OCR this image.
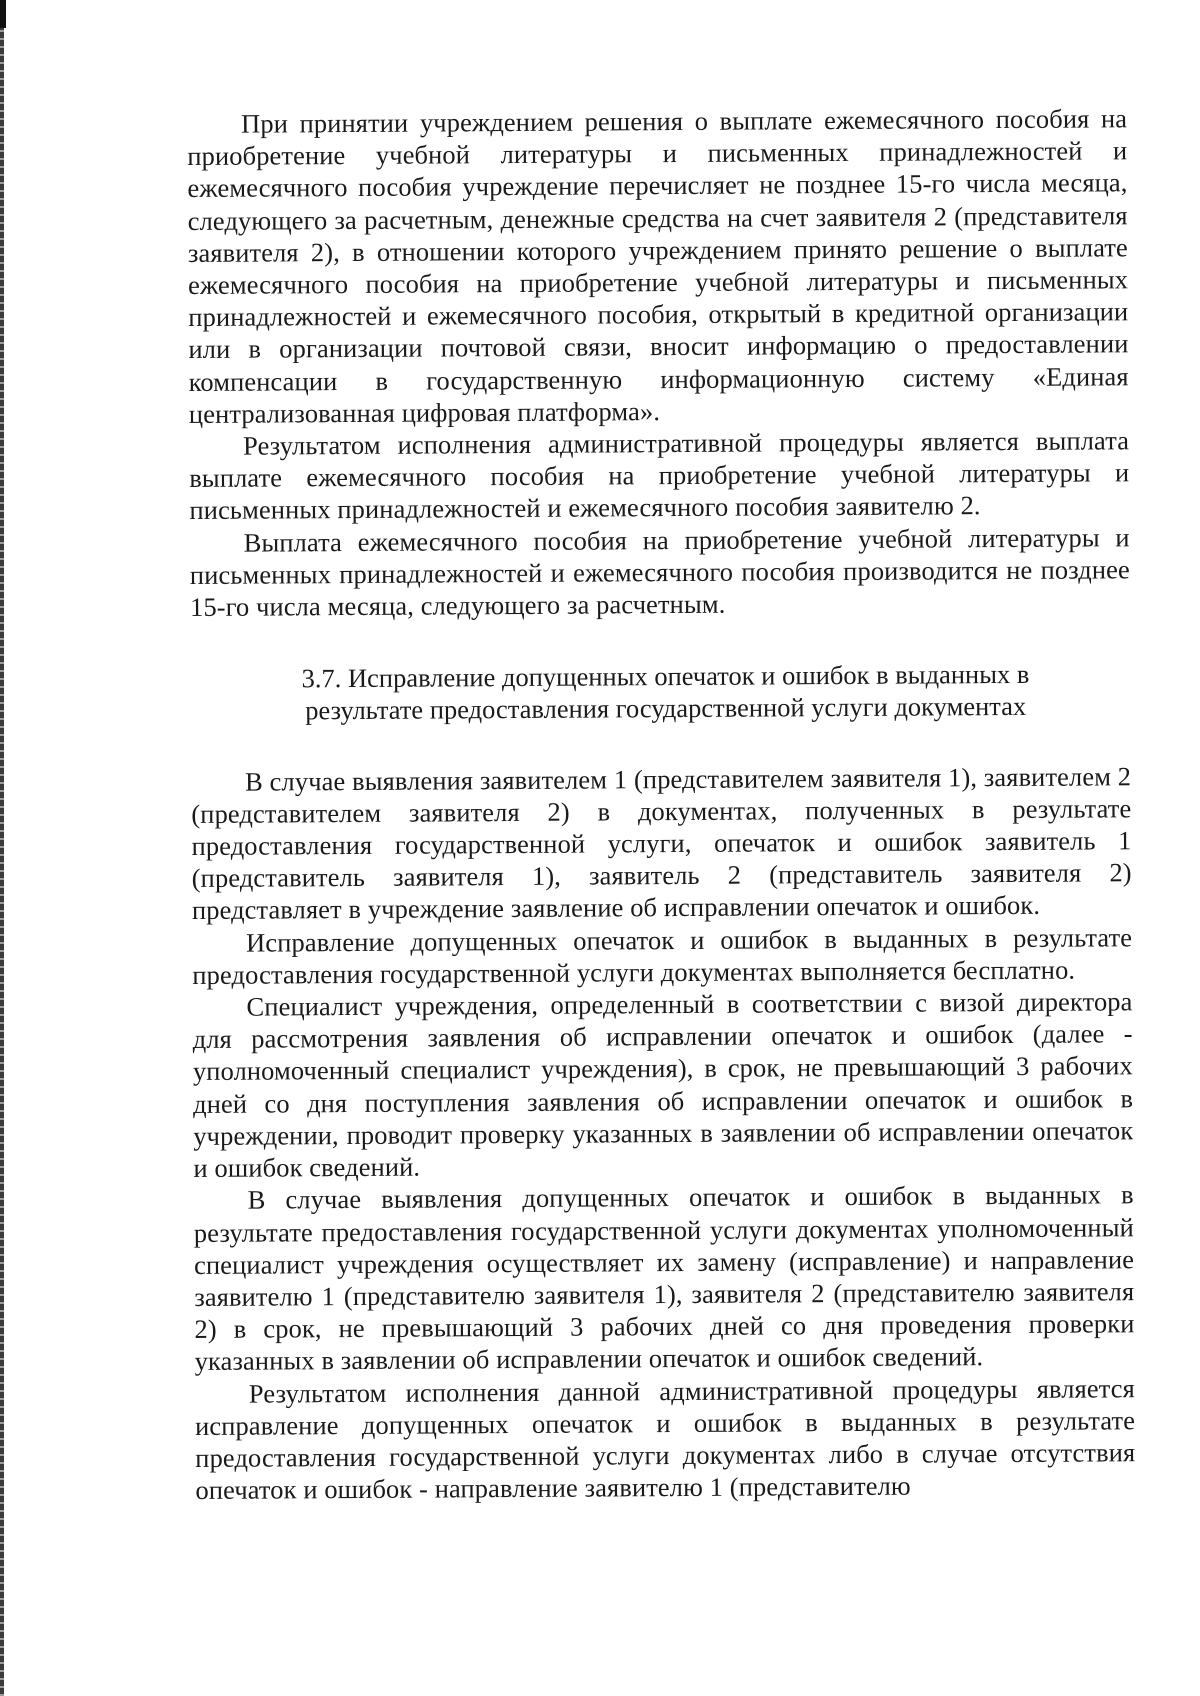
При принятии учреждением решения о выплате ежемесячного пособия на приобретение учебной литературы и письменных принадлежностей и ежемесячного пособия учреждение перечисляет не позднее 15-го числа месяца, следующего за расчетным, денежные средства на счет заявителя 2 (представителя заявителя 2), в отношении которого учреждением принято решение о выплате ежемесячного пособия на приобретение учебной литературы и письменных принадлежностей и ежемесячного пособия, открытый в кредитной организации или в организации почтовой связи, вносит информацию о предоставлении компенсации в государственную информационную систему «Единая централизованная цифровая платформа».

Результатом исполнения административной процедуры является выплата выплате ежемесячного пособия на приобретение учебной литературы и письменных принадлежностей и ежемесячного пособия заявителю 2.

Выплата ежемесячного пособия на приобретение учебной литературы и письменных принадлежностей и ежемесячного пособия производится не позднее 15-го числа месяца, следующего за расчетным.

3.7. Исправление допущенных опечаток и ошибок в выданных в
результате предоставления государственной услуги документах

В случае выявления заявителем 1 (представителем заявителя 1), заявителем 2 (представителем заявителя 2) в документах, полученных в результате предоставления государственной услуги, опечаток и ошибок заявитель 1 (представитель заявителя 1), заявитель 2 (представитель заявителя 2) представляет в учреждение заявление об исправлении опечаток и ошибок.

Исправление допущенных опечаток и ошибок в выданных в результате предоставления государственной услуги документах выполняется бесплатно.

Специалист учреждения, определенный в соответствии с визой директора для рассмотрения заявления об исправлении опечаток и ошибок (далее - уполномоченный специалист учреждения), в срок, не превышающий 3 рабочих дней со дня поступления заявления об исправлении опечаток и ошибок в учреждении, проводит проверку указанных в заявлении об исправлении опечаток и ошибок сведений.

В случае выявления допущенных опечаток и ошибок в выданных в результате предоставления государственной услуги документах уполномоченный специалист учреждения осуществляет их замену (исправление) и направление заявителю 1 (представителю заявителя 1), заявителя 2 (представителю заявителя 2) в срок, не превышающий 3 рабочих дней со дня проведения проверки указанных в заявлении об исправлении опечаток и ошибок сведений.

Результатом исполнения данной административной процедуры является исправление допущенных опечаток и ошибок в выданных в результате предоставления государственной услуги документах либо в случае отсутствия опечаток и ошибок - направление заявителю 1 (представителю
